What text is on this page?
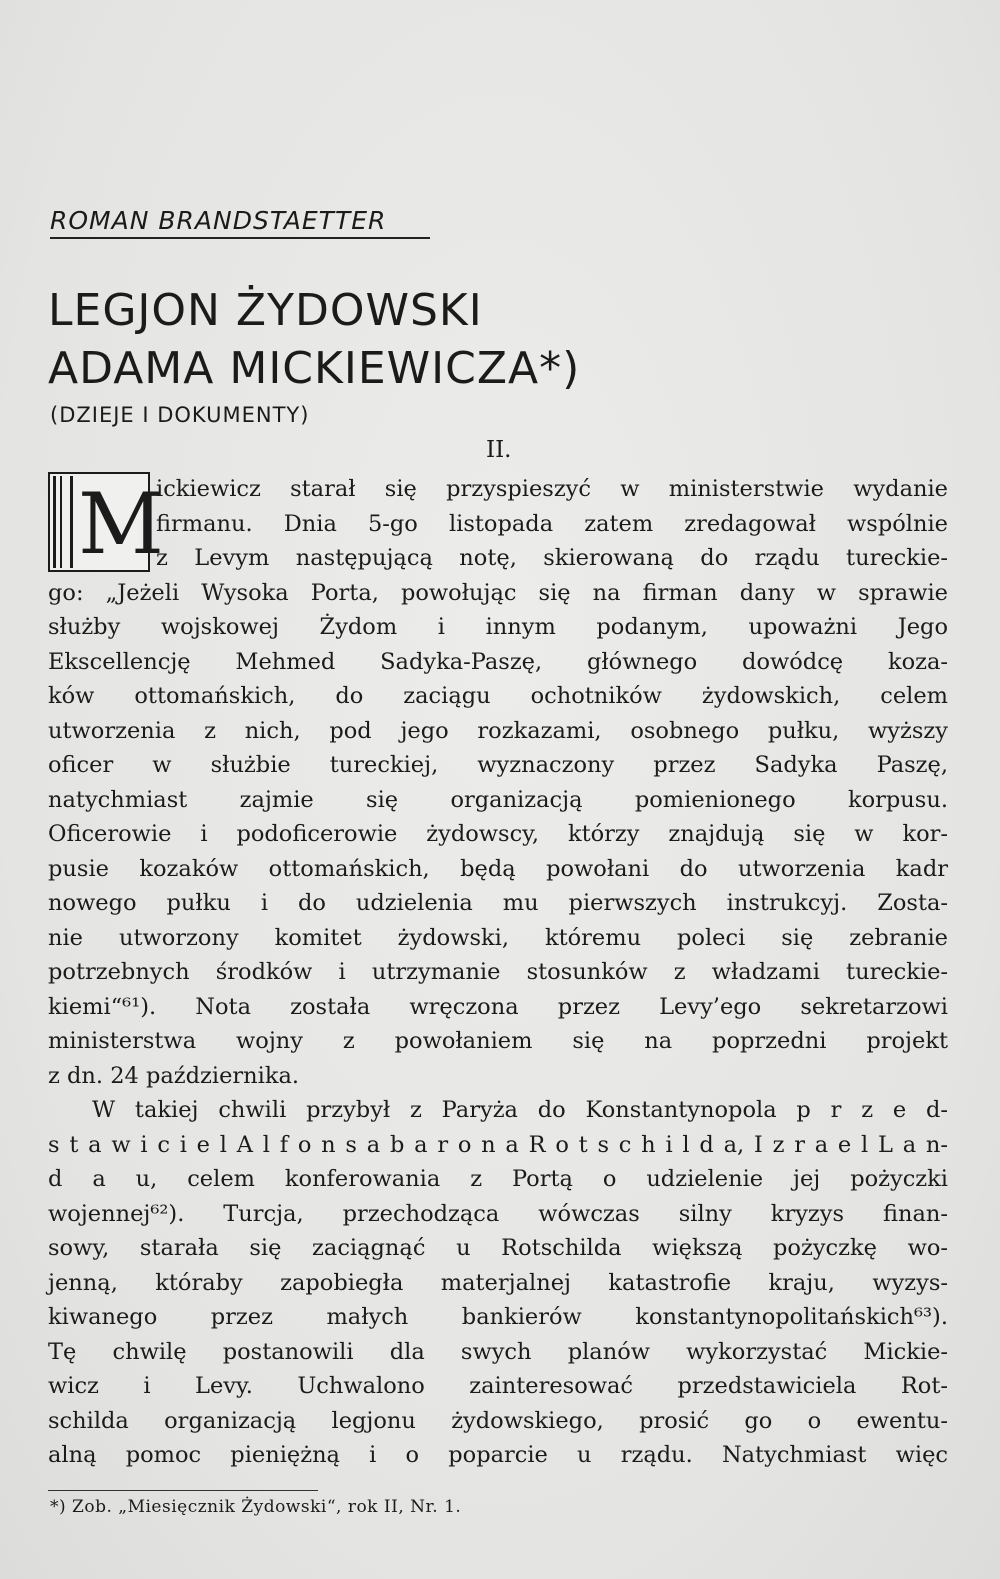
ROMAN BRANDSTAETTER
LEGJON ŻYDOWSKI
ADAMA MICKIEWICZA*)
(DZIEJE I DOKUMENTY)
II.
ickiewicz starał się przyspieszyć w ministerstwie wydanie
firmanu. Dnia 5-go listopada zatem zredagował wspólnie
z Levym następującą notę, skierowaną do rządu tureckie-
go: „Jeżeli Wysoka Porta, powołując się na firman dany w sprawie
służby wojskowej Żydom i innym podanym, upoważni Jego
Ekscellencję Mehmed Sadyka-Paszę, głównego dowódcę koza-
ków ottomańskich, do zaciągu ochotników żydowskich, celem
utworzenia z nich, pod jego rozkazami, osobnego pułku, wyższy
oficer w służbie tureckiej, wyznaczony przez Sadyka Paszę,
natychmiast zajmie się organizacją pomienionego korpusu.
Oficerowie i podoficerowie żydowscy, którzy znajdują się w kor-
pusie kozaków ottomańskich, będą powołani do utworzenia kadr
nowego pułku i do udzielenia mu pierwszych instrukcyj. Zosta-
nie utworzony komitet żydowski, któremu poleci się zebranie
potrzebnych środków i utrzymanie stosunków z władzami tureckie-
kiemi“⁶¹). Nota została wręczona przez Levy’ego sekretarzowi
ministerstwa wojny z powołaniem się na poprzedni projekt
z dn. 24 października.
W takiej chwili przybył z Paryża do Konstantynopola p r z e d-
s t a w i c i e l A l f o n s a b a r o n a R o t s c h i l d a, I z r a e l L a n-
d a u, celem konferowania z Portą o udzielenie jej pożyczki
wojennej⁶²). Turcja, przechodząca wówczas silny kryzys finan-
sowy, starała się zaciągnąć u Rotschilda większą pożyczkę wo-
jenną, któraby zapobiegła materjalnej katastrofie kraju, wyzys-
kiwanego przez małych bankierów konstantynopolitańskich⁶³).
Tę chwilę postanowili dla swych planów wykorzystać Mickie-
wicz i Levy. Uchwalono zainteresować przedstawiciela Rot-
schilda organizacją legjonu żydowskiego, prosić go o ewentu-
alną pomoc pieniężną i o poparcie u rządu. Natychmiast więc
M
*) Zob. „Miesięcznik Żydowski“, rok II, Nr. 1.
